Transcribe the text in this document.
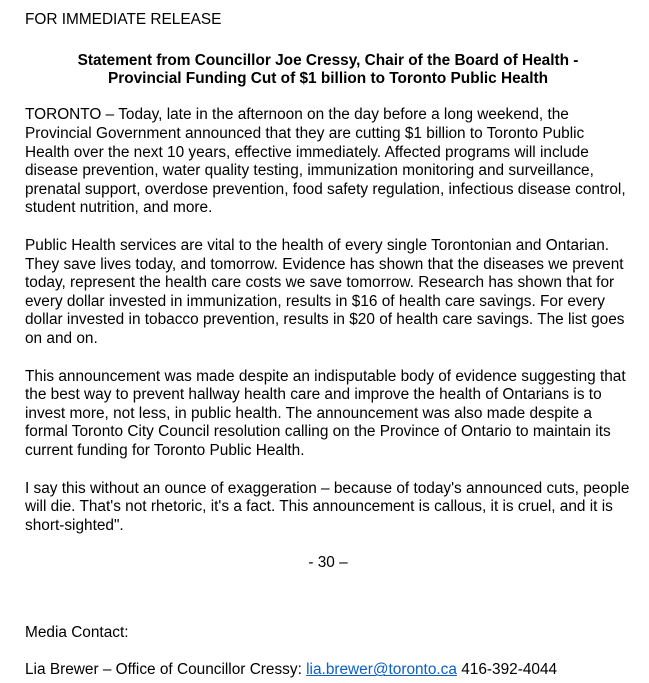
FOR IMMEDIATE RELEASE
Statement from Councillor Joe Cressy, Chair of the Board of Health -
Provincial Funding Cut of $1 billion to Toronto Public Health

TORONTO – Today, late in the afternoon on the day before a long weekend, the Provincial Government announced that they are cutting $1 billion to Toronto Public Health over the next 10 years, effective immediately. Affected programs will include disease prevention, water quality testing, immunization monitoring and surveillance, prenatal support, overdose prevention, food safety regulation, infectious disease control, student nutrition, and more.

Public Health services are vital to the health of every single Torontonian and Ontarian. They save lives today, and tomorrow. Evidence has shown that the diseases we prevent today, represent the health care costs we save tomorrow. Research has shown that for every dollar invested in immunization, results in $16 of health care savings. For every dollar invested in tobacco prevention, results in $20 of health care savings. The list goes on and on.

This announcement was made despite an indisputable body of evidence suggesting that the best way to prevent hallway health care and improve the health of Ontarians is to invest more, not less, in public health. The announcement was also made despite a formal Toronto City Council resolution calling on the Province of Ontario to maintain its current funding for Toronto Public Health.

I say this without an ounce of exaggeration – because of today's announced cuts, people will die. That's not rhetoric, it's a fact. This announcement is callous, it is cruel, and it is short-sighted".

- 30 –
Media Contact:
Lia Brewer – Office of Councillor Cressy: lia.brewer@toronto.ca 416-392-4044
